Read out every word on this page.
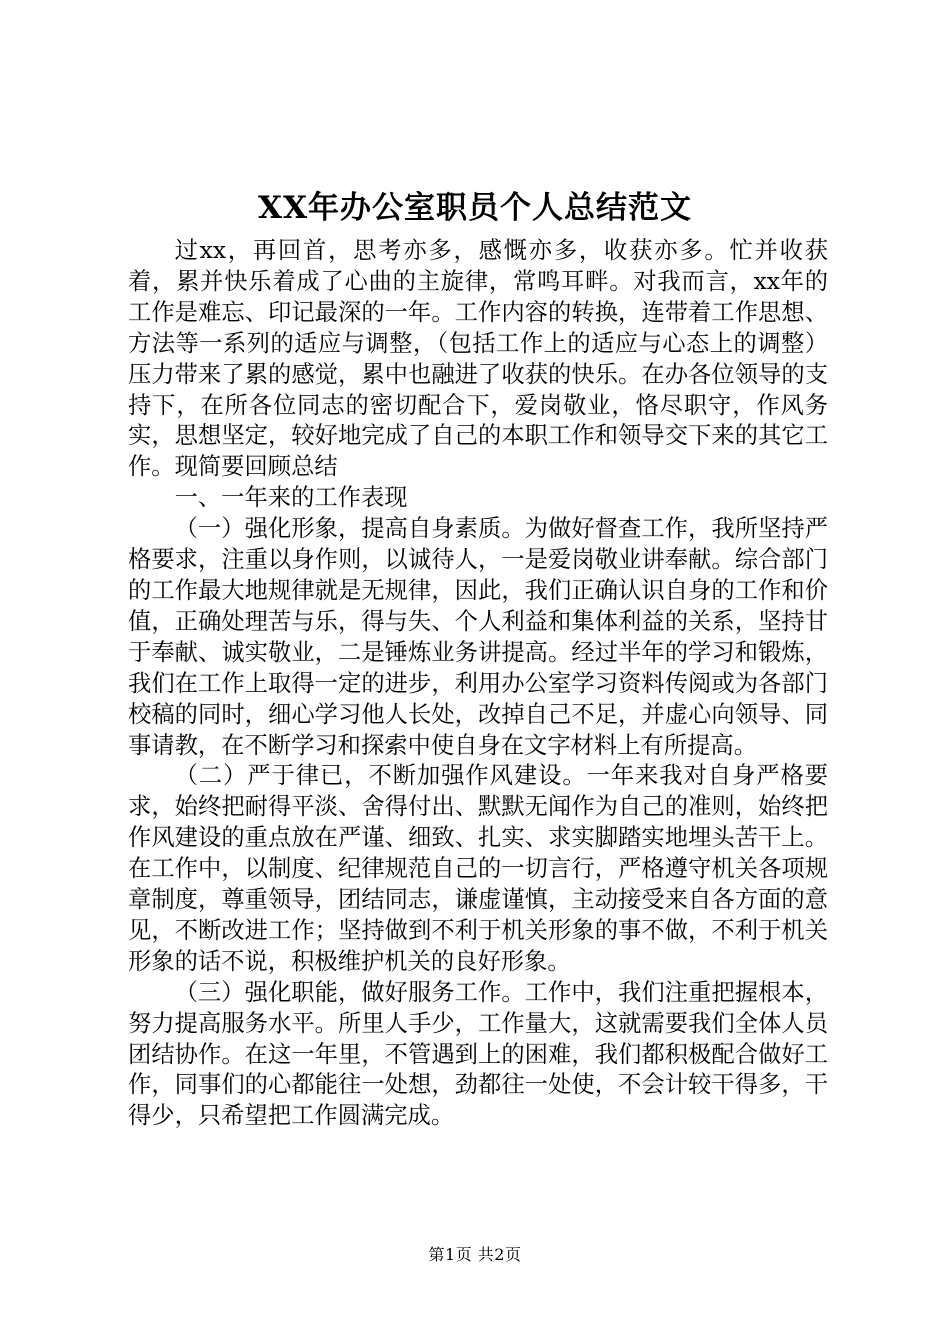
XX年办公室职员个人总结范文

过xx，再回首，思考亦多，感慨亦多，收获亦多。忙并收获着，累并快乐着成了心曲的主旋律，常鸣耳畔。对我而言，xx年的工作是难忘、印记最深的一年。工作内容的转换，连带着工作思想、方法等一系列的适应与调整，（包括工作上的适应与心态上的调整）压力带来了累的感觉，累中也融进了收获的快乐。在办各位领导的支持下，在所各位同志的密切配合下，爱岗敬业，恪尽职守，作风务实，思想坚定，较好地完成了自己的本职工作和领导交下来的其它工作。现简要回顾总结

一、一年来的工作表现

（一）强化形象，提高自身素质。为做好督查工作，我所坚持严格要求，注重以身作则，以诚待人，一是爱岗敬业讲奉献。综合部门的工作最大地规律就是无规律，因此，我们正确认识自身的工作和价值，正确处理苦与乐，得与失、个人利益和集体利益的关系，坚持甘于奉献、诚实敬业，二是锤炼业务讲提高。经过半年的学习和锻炼，我们在工作上取得一定的进步，利用办公室学习资料传阅或为各部门校稿的同时，细心学习他人长处，改掉自己不足，并虚心向领导、同事请教，在不断学习和探索中使自身在文字材料上有所提高。

（二）严于律已，不断加强作风建设。一年来我对自身严格要求，始终把耐得平淡、舍得付出、默默无闻作为自己的准则，始终把作风建设的重点放在严谨、细致、扎实、求实脚踏实地埋头苦干上。在工作中，以制度、纪律规范自己的一切言行，严格遵守机关各项规章制度，尊重领导，团结同志，谦虚谨慎，主动接受来自各方面的意见，不断改进工作；坚持做到不利于机关形象的事不做，不利于机关形象的话不说，积极维护机关的良好形象。

（三）强化职能，做好服务工作。工作中，我们注重把握根本，努力提高服务水平。所里人手少，工作量大，这就需要我们全体人员团结协作。在这一年里，不管遇到上的困难，我们都积极配合做好工作，同事们的心都能往一处想，劲都往一处使，不会计较干得多，干得少，只希望把工作圆满完成。

第1页 共2页
